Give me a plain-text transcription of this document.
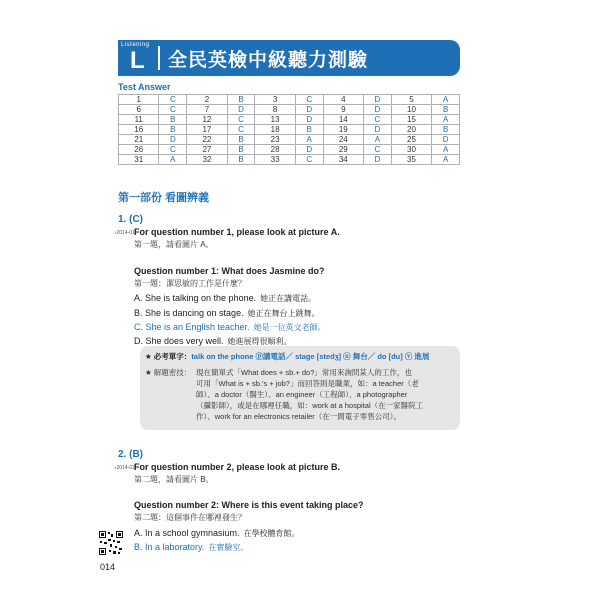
Listening
L 全民英檢中級聽力測驗
Test Answer
1	C	2	B	3	C	4	D	5	A
6	C	7	D	8	D	9	D	10	B
11	B	12	C	13	D	14	C	15	A
16	B	17	C	18	B	19	D	20	B
21	D	22	B	23	A	24	A	25	D
26	C	27	B	28	D	29	C	30	A
31	A	32	B	33	C	34	D	35	A
第一部份 看圖辨義
1. (C)
♪2014-01 For question number 1, please look at picture A.
第一題，請看圖片 A。
Question number 1: What does Jasmine do?
第一題：潔思敏的工作是什麼？
A. She is talking on the phone. 她正在講電話。
B. She is dancing on stage. 她正在舞台上跳舞。
C. She is an English teacher. 她是一位英文老師。
D. She does very well. 她進展得很順利。
★ 必考單字：talk on the phone ⓟ講電話／ stage [stedʒ] ⓝ 舞台／ do [du] ⓥ 進展
★ 解題密技： 現在簡單式「What does + sb.+ do?」常用來詢問某人的工作，也
可用「What is + sb.'s + job?」而回答則是職業，如：a teacher（老
師）、a doctor（醫生）、an engineer（工程師）、a photographer
（攝影師），或是在哪裡任職，如：work at a hospital（在一家醫院工
作）、work for an electronics retailer（在一間電子零售公司）。
2. (B)
♪2014-02 For question number 2, please look at picture B.
第二題，請看圖片 B。
Question number 2: Where is this event taking place?
第二題：這個事件在哪裡發生？
A. In a school gymnasium. 在學校體育館。
B. In a laboratory. 在實驗室。
014
